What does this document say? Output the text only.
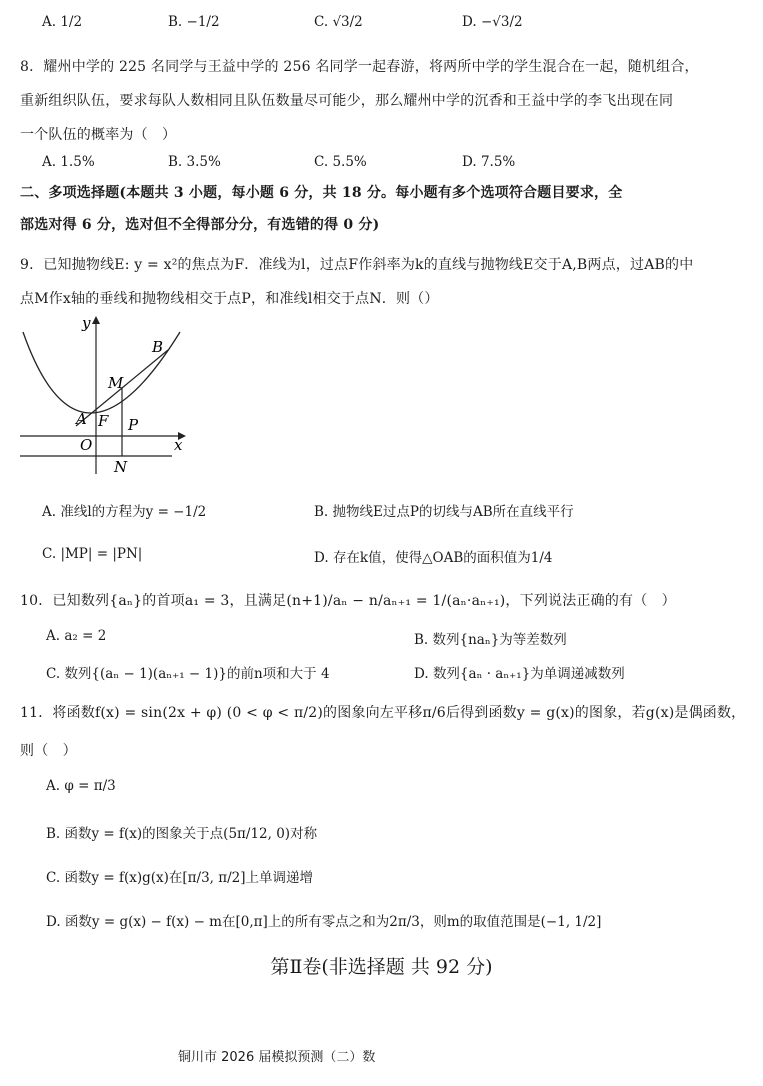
A. 1/2	B. −1/2	C. √3/2	D. −√3/2
8．耀州中学的 225 名同学与王益中学的 256 名同学一起春游，将两所中学的学生混合在一起，随机组合，
重新组织队伍，要求每队人数相同且队伍数量尽可能少，那么耀州中学的沉香和王益中学的李飞出现在同
一个队伍的概率为（　）
A. 1.5%	B. 3.5%	C. 5.5%	D. 7.5%
二、多项选择题(本题共 3 小题，每小题 6 分，共 18 分。每小题有多个选项符合题目要求，全
部选对得 6 分，选对但不全得部分分，有选错的得 0 分)
9．已知抛物线E: y = x²的焦点为F．准线为l，过点F作斜率为k的直线与抛物线E交于A,B两点，过AB的中
点M作x轴的垂线和抛物线相交于点P，和准线l相交于点N．则（）
y
x
B
M
A F P
O
N
A. 准线l的方程为y = −1/2	B. 抛物线E过点P的切线与AB所在直线平行
C. |MP| = |PN|	D. 存在k值，使得△OAB的面积值为1/4
10．已知数列{aₙ}的首项a₁ = 3，且满足(n+1)/aₙ − n/aₙ₊₁ = 1/(aₙ·aₙ₊₁)，下列说法正确的有（　）
A. a₂ = 2	B. 数列{naₙ}为等差数列
C. 数列{(aₙ − 1)(aₙ₊₁ − 1)}的前n项和大于 4	D. 数列{aₙ · aₙ₊₁}为单调递减数列
11．将函数f(x) = sin(2x + φ) (0 < φ < π/2)的图象向左平移π/6后得到函数y = g(x)的图象，若g(x)是偶函数，
则（　）
A. φ = π/3
B. 函数y = f(x)的图象关于点(5π/12, 0)对称
C. 函数y = f(x)g(x)在[π/3, π/2]上单调递增
D. 函数y = g(x) − f(x) − m在[0,π]上的所有零点之和为2π/3，则m的取值范围是(−1, 1/2]
第Ⅱ卷(非选择题 共 92 分)
铜川市 2026 届模拟预测（二）数
